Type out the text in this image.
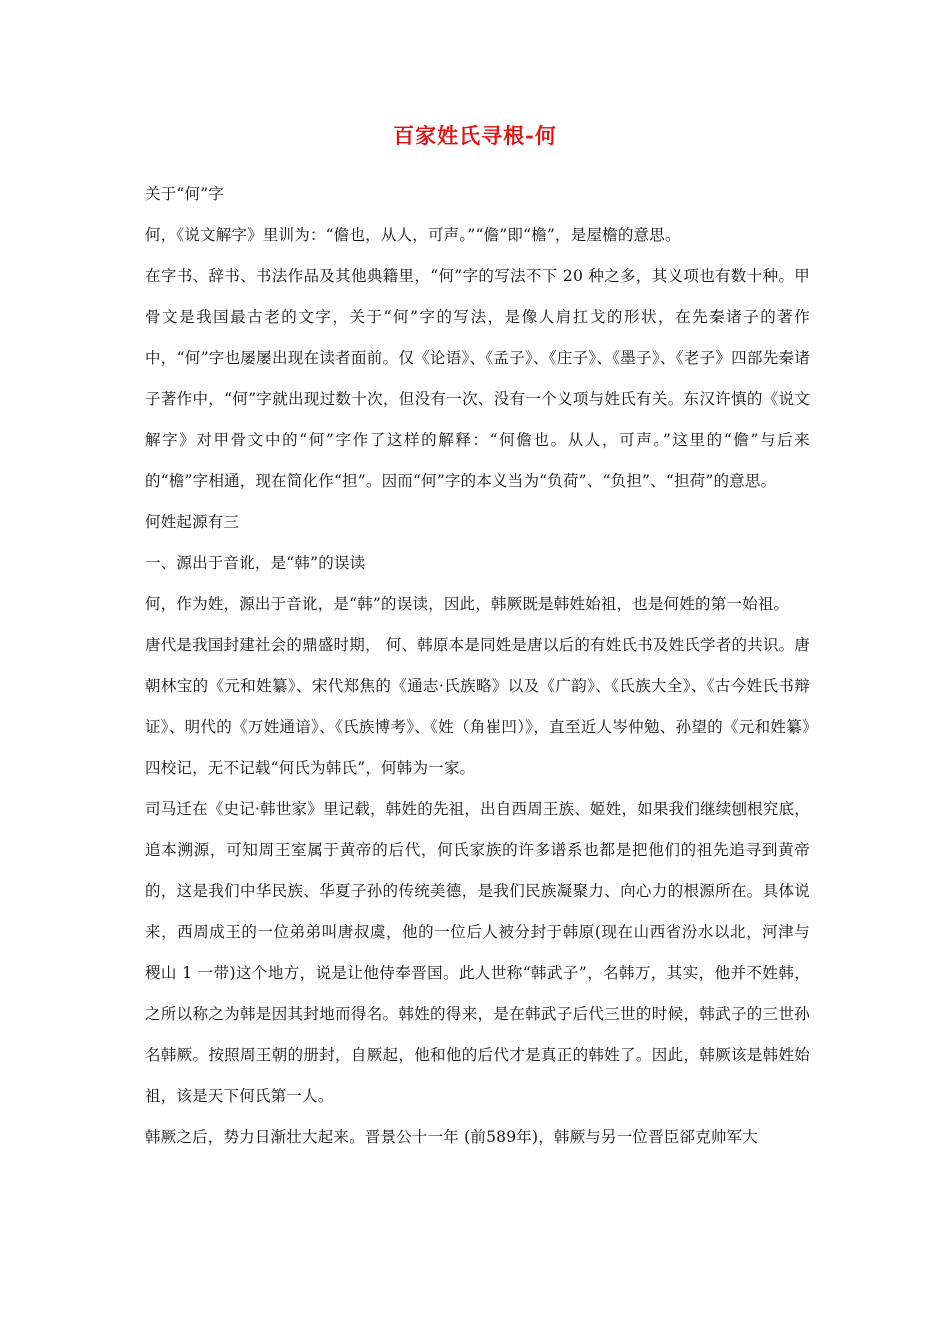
百家姓氏寻根-何

关于“何”字

何，《说文解字》里训为：“儋也，从人，可声。”“儋”即“檐”，是屋檐的意思。

在字书、辞书、书法作品及其他典籍里，“何”字的写法不下 20 种之多，其义项也有数十种。甲骨文是我国最古老的文字，关于“何”字的写法，是像人肩扛戈的形状，在先秦诸子的著作中，“何”字也屡屡出现在读者面前。仅《论语》、《孟子》、《庄子》、《墨子》、《老子》四部先秦诸子著作中，“何”字就出现过数十次，但没有一次、没有一个义项与姓氏有关。东汉许慎的《说文解字》对甲骨文中的“何”字作了这样的解释：“何儋也。从人，可声。”这里的“儋”与后来的“檐”字相通，现在简化作“担”。因而“何”字的本义当为“负荷”、“负担”、“担荷”的意思。

何姓起源有三

一、源出于音讹，是“韩”的误读

何，作为姓，源出于音讹，是“韩”的误读，因此，韩厥既是韩姓始祖，也是何姓的第一始祖。

唐代是我国封建社会的鼎盛时期， 何、韩原本是同姓是唐以后的有姓氏书及姓氏学者的共识。唐朝林宝的《元和姓纂》、宋代郑焦的《通志·氏族略》以及《广韵》、《氏族大全》、《古今姓氏书辩证》、明代的《万姓通谙》、《氏族博考》、《姓（角崔凹）》，直至近人岑仲勉、孙望的《元和姓纂》四校记，无不记载“何氏为韩氏”，何韩为一家。

司马迁在《史记·韩世家》里记载，韩姓的先祖，出自西周王族、姬姓，如果我们继续刨根究底，追本溯源，可知周王室属于黄帝的后代，何氏家族的许多谱系也都是把他们的祖先追寻到黄帝的，这是我们中华民族、华夏子孙的传统美德，是我们民族凝聚力、向心力的根源所在。具体说来，西周成王的一位弟弟叫唐叔虞，他的一位后人被分封于韩原(现在山西省汾水以北，河津与稷山 1 一带)这个地方，说是让他侍奉晋国。此人世称“韩武子”，名韩万，其实，他并不姓韩，之所以称之为韩是因其封地而得名。韩姓的得来，是在韩武子后代三世的时候，韩武子的三世孙名韩厥。按照周王朝的册封，自厥起，他和他的后代才是真正的韩姓了。因此，韩厥该是韩姓始祖，该是天下何氏第一人。

韩厥之后，势力日渐壮大起来。晋景公十一年 (前589年)，韩厥与另一位晋臣郤克帅军大
